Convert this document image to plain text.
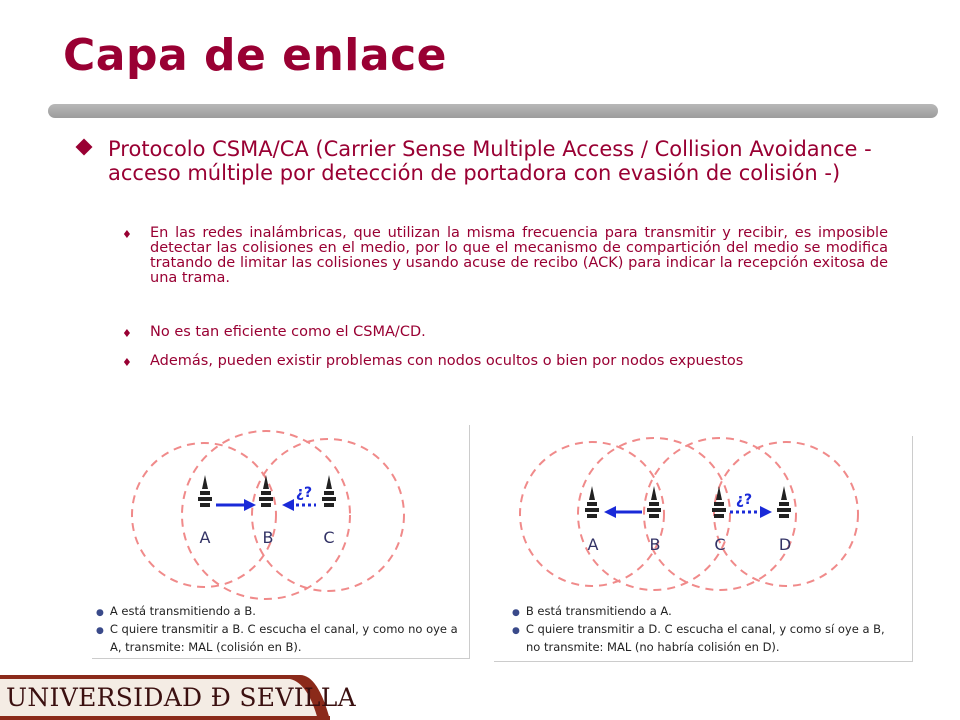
Capa de enlace
Protocolo CSMA/CA (Carrier Sense Multiple Access / Collision Avoidance - acceso múltiple por detección de portadora con evasión de colisión -)
♦ En las redes inalámbricas, que utilizan la misma frecuencia para transmitir y recibir, es imposible detectar las colisiones en el medio, por lo que el mecanismo de compartición del medio se modifica tratando de limitar las colisiones y usando acuse de recibo (ACK) para indicar la recepción exitosa de una trama.
♦ No es tan eficiente como el CSMA/CD.
♦ Además, pueden existir problemas con nodos ocultos o bien por nodos expuestos
¿?
A	B	C
● A está transmitiendo a B.
● C quiere transmitir a B. C escucha el canal, y como no oye a
A, transmite: MAL (colisión en B).
¿?
A	B	C	D
● B está transmitiendo a A.
● C quiere transmitir a D. C escucha el canal, y como sí oye a B,
no transmite: MAL (no habría colisión en D).
UNIVERSIDAD Ð SEVILLA
